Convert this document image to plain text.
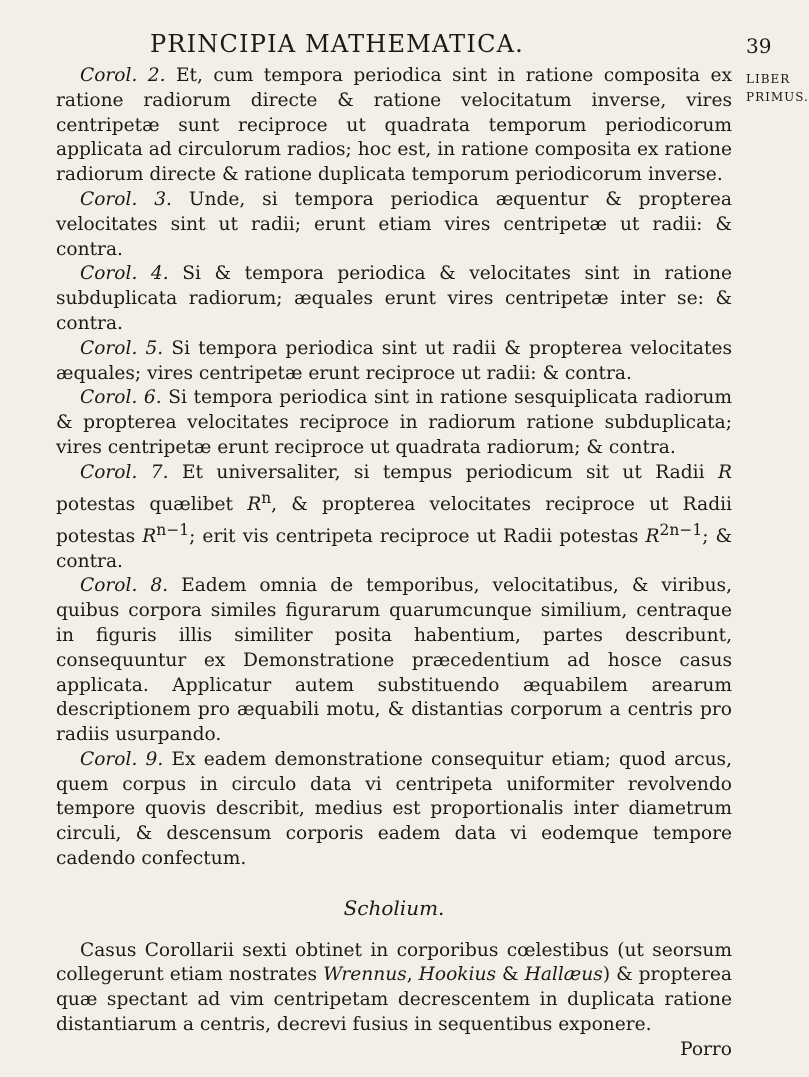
PRINCIPIA MATHEMATICA.	39
LIBER
PRIMUS.

Corol. 2. Et, cum tempora periodica sint in ratione composita ex ratione radiorum directe & ratione velocitatum inverse, vires centripetæ sunt reciproce ut quadrata temporum periodicorum applicata ad circulorum radios; hoc est, in ratione composita ex ratione radiorum directe & ratione duplicata temporum periodicorum inverse.

Corol. 3. Unde, si tempora periodica æquentur & propterea velocitates sint ut radii; erunt etiam vires centripetæ ut radii: & contra.

Corol. 4. Si & tempora periodica & velocitates sint in ratione subduplicata radiorum; æquales erunt vires centripetæ inter se: & contra.

Corol. 5. Si tempora periodica sint ut radii & propterea velocitates æquales; vires centripetæ erunt reciproce ut radii: & contra.

Corol. 6. Si tempora periodica sint in ratione sesquiplicata radiorum & propterea velocitates reciproce in radiorum ratione subduplicata; vires centripetæ erunt reciproce ut quadrata radiorum; & contra.

Corol. 7. Et universaliter, si tempus periodicum sit ut Radii R potestas quælibet $R^n$, & propterea velocitates reciproce ut Radii potestas $R^{n-1}$; erit vis centripeta reciproce ut Radii potestas $R^{2n-1}$; & contra.

Corol. 8. Eadem omnia de temporibus, velocitatibus, & viribus, quibus corpora similes figurarum quarumcunque similium, centraque in figuris illis similiter posita habentium, partes describunt, consequuntur ex Demonstratione præcedentium ad hosce casus applicata. Applicatur autem substituendo æquabilem arearum descriptionem pro æquabili motu, & distantias corporum a centris pro radiis usurpando.

Corol. 9. Ex eadem demonstratione consequitur etiam; quod arcus, quem corpus in circulo data vi centripeta uniformiter revolvendo tempore quovis describit, medius est proportionalis inter diametrum circuli, & descensum corporis eadem data vi eodemque tempore cadendo confectum.

Scholium.

Casus Corollarii sexti obtinet in corporibus cœlestibus (ut seorsum collegerunt etiam nostrates Wrennus, Hookius & Hallæus) & propterea quæ spectant ad vim centripetam decrescentem in duplicata ratione distantiarum a centris, decrevi fusius in sequentibus exponere.

Porro
